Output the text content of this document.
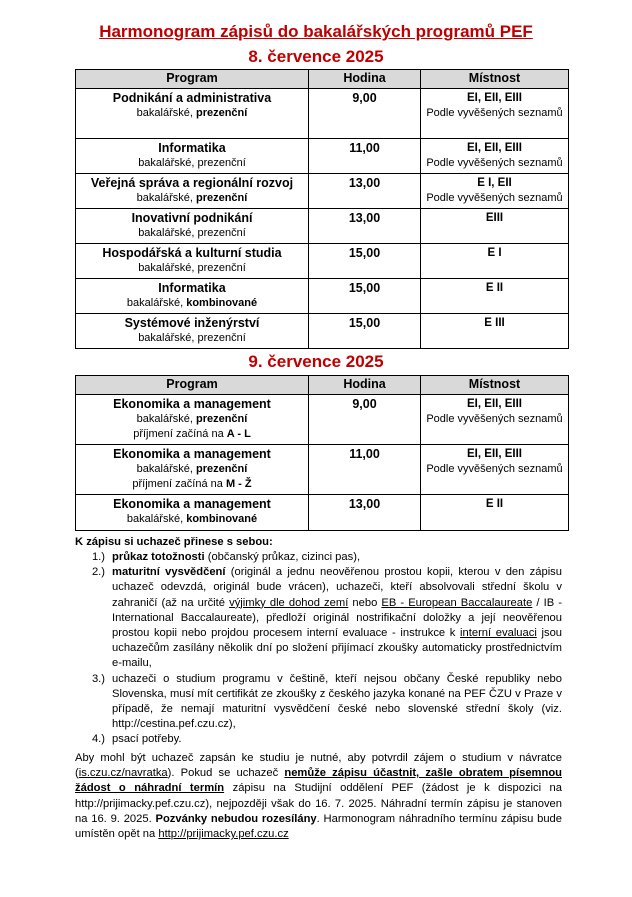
Harmonogram zápisů do bakalářských programů PEF
8. července 2025
Program	Hodina	Místnost

Podnikání a administrativa
bakalářské, prezenční	9,00	EI, EII, EIII
Podle vyvěšených seznamů

Informatika
bakalářské, prezenční	11,00	EI, EII, EIII
Podle vyvěšených seznamů

Veřejná správa a regionální rozvoj
bakalářské, prezenční	13,00	E I, EII
Podle vyvěšených seznamů

Inovativní podnikání
bakalářské, prezenční	13,00	EIII

Hospodářská a kulturní studia
bakalářské, prezenční	15,00	E I

Informatika
bakalářské, kombinované	15,00	E II

Systémové inženýrství
bakalářské, prezenční	15,00	E III
9. července 2025
Program	Hodina	Místnost

Ekonomika a management
bakalářské, prezenční
příjmení začíná na A - L	9,00	EI, EII, EIII
Podle vyvěšených seznamů

Ekonomika a management
bakalářské, prezenční
příjmení začíná na M - Ž	11,00	EI, EII, EIII
Podle vyvěšených seznamů

Ekonomika a management
bakalářské, kombinované	13,00	E II
K zápisu si uchazeč přinese s sebou:
1.) průkaz totožnosti (občanský průkaz, cizinci pas),
2.) maturitní vysvědčení (originál a jednu neověřenou prostou kopii, kterou v den zápisu uchazeč odevzdá, originál bude vrácen), uchazeči, kteří absolvovali střední školu v zahraničí (až na určité výjimky dle dohod zemí nebo EB - European Baccalaureate / IB - International Baccalaureate), předloží originál nostrifikační doložky a její neověřenou prostou kopii nebo projdou procesem interní evaluace - instrukce k interní evaluaci jsou uchazečům zasílány několik dní po složení přijímací zkoušky automaticky prostřednictvím e-mailu,
3.) uchazeči o studium programu v češtině, kteří nejsou občany České republiky nebo Slovenska, musí mít certifikát ze zkoušky z českého jazyka konané na PEF ČZU v Praze v případě, že nemají maturitní vysvědčení české nebo slovenské střední školy (viz. http://cestina.pef.czu.cz),
4.) psací potřeby.
Aby mohl být uchazeč zapsán ke studiu je nutné, aby potvrdil zájem o studium v návratce (is.czu.cz/navratka). Pokud se uchazeč nemůže zápisu účastnit, zašle obratem písemnou žádost o náhradní termín zápisu na Studijní oddělení PEF (žádost je k dispozici na http://prijimacky.pef.czu.cz), nejpozději však do 16. 7. 2025. Náhradní termín zápisu je stanoven na 16. 9. 2025. Pozvánky nebudou rozesílány. Harmonogram náhradního termínu zápisu bude umístěn opět na http://prijimacky.pef.czu.cz
